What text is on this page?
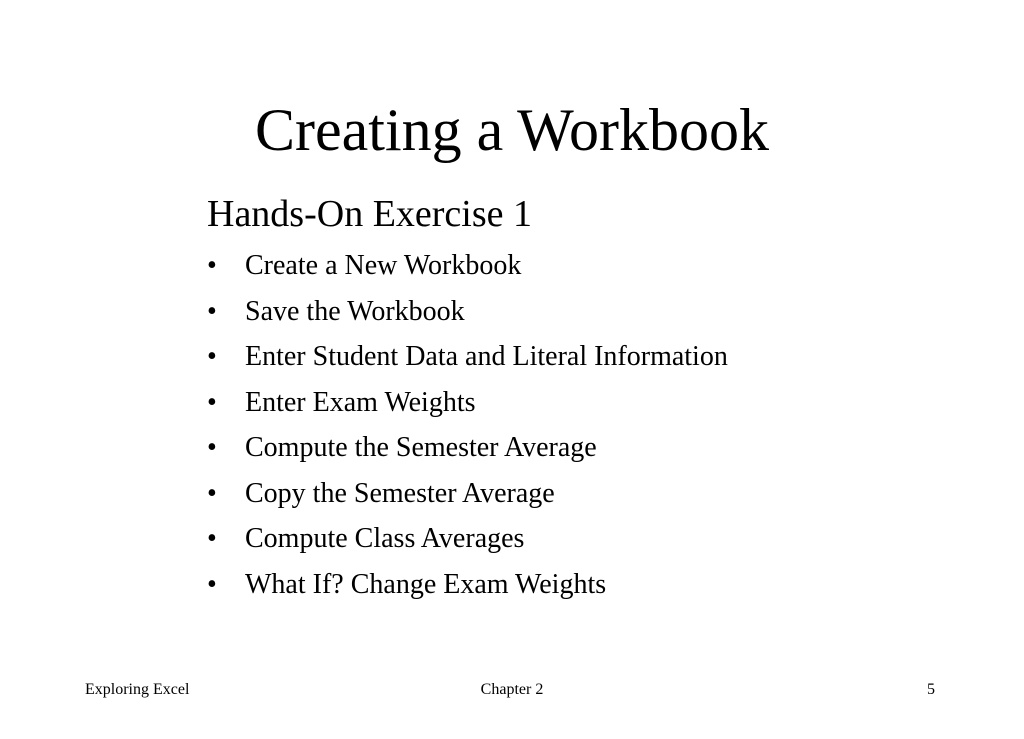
Creating a Workbook
Hands-On Exercise 1
•	Create a New Workbook
•	Save the Workbook
•	Enter Student Data and Literal Information
•	Enter Exam Weights
•	Compute the Semester Average
•	Copy the Semester Average
•	Compute Class Averages
•	What If? Change Exam Weights
Exploring Excel	Chapter 2	5
